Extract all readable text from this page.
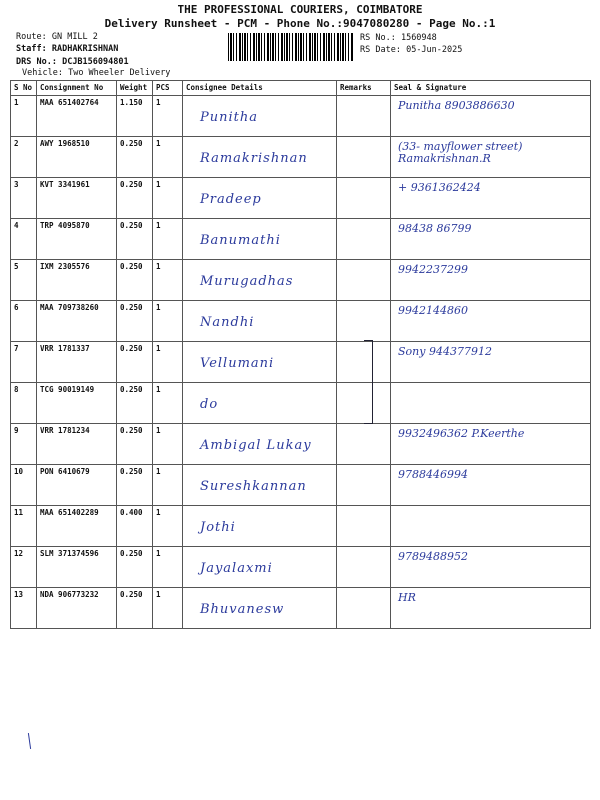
THE PROFESSIONAL COURIERS, COIMBATORE
Delivery Runsheet - PCM - Phone No.:9047080280 - Page No.:1
Route: GN MILL 2
Staff: RADHAKRISHNAN
DRS No.: DCJB156094801
Vehicle: Two Wheeler Delivery
RS No.: 1560948
RS Date: 05-Jun-2025
S No	Consignment No	Weight	PCS	Consignee Details	Remarks	Seal & Signature
1	MAA 651402764	1.150	1	Punitha		Punitha 8903886630

2	AWY 1968510	0.250	1	Ramakrishnan		(33- mayflower street) Ramakrishnan.R

3	KVT 3341961	0.250	1	Pradeep		+ 9361362424

4	TRP 4095870	0.250	1	Banumathi		98438 86799

5	IXM 2305576	0.250	1	Murugadhas		9942237299

6	MAA 709738260	0.250	1	Nandhi		9942144860

7	VRR 1781337	0.250	1	Vellumani		Sony 944377912

8	TCG 90019149	0.250	1	do		

9	VRR 1781234	0.250	1	Ambigal Lukay		9932496362 P.Keerthe

10	PON 6410679	0.250	1	Sureshkannan		9788446994

11	MAA 651402289	0.400	1	Jothi		

12	SLM 371374596	0.250	1	Jayalaxmi		9789488952

13	NDA 906773232	0.250	1	Bhuvanesw		HR
